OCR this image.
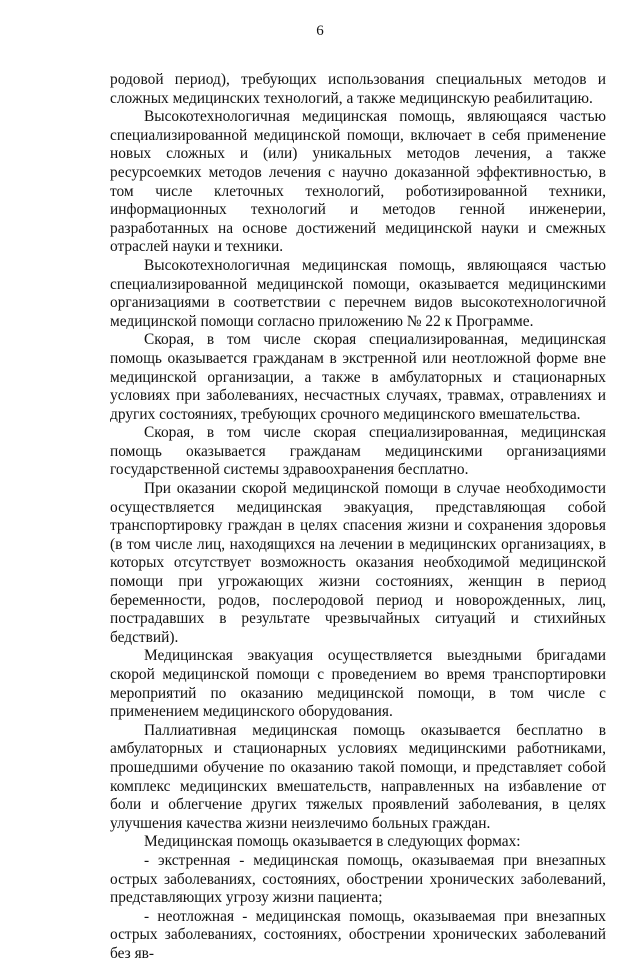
6

родовой период), требующих использования специальных методов и сложных медицинских технологий, а также медицинскую реабилитацию.

Высокотехнологичная медицинская помощь, являющаяся частью специализированной медицинской помощи, включает в себя применение новых сложных и (или) уникальных методов лечения, а также ресурсоемких методов лечения с научно доказанной эффективностью, в том числе клеточных технологий, роботизированной техники, информационных технологий и методов генной инженерии, разработанных на основе достижений медицинской науки и смежных отраслей науки и техники.

Высокотехнологичная медицинская помощь, являющаяся частью специализированной медицинской помощи, оказывается медицинскими организациями в соответствии с перечнем видов высокотехнологичной медицинской помощи согласно приложению № 22 к Программе.

Скорая, в том числе скорая специализированная, медицинская помощь оказывается гражданам в экстренной или неотложной форме вне медицинской организации, а также в амбулаторных и стационарных условиях при заболеваниях, несчастных случаях, травмах, отравлениях и других состояниях, требующих срочного медицинского вмешательства.

Скорая, в том числе скорая специализированная, медицинская помощь оказывается гражданам медицинскими организациями государственной системы здравоохранения бесплатно.

При оказании скорой медицинской помощи в случае необходимости осуществляется медицинская эвакуация, представляющая собой транспортировку граждан в целях спасения жизни и сохранения здоровья (в том числе лиц, находящихся на лечении в медицинских организациях, в которых отсутствует возможность оказания необходимой медицинской помощи при угрожающих жизни состояниях, женщин в период беременности, родов, послеродовой период и новорожденных, лиц, пострадавших в результате чрезвычайных ситуаций и стихийных бедствий).

Медицинская эвакуация осуществляется выездными бригадами скорой медицинской помощи с проведением во время транспортировки мероприятий по оказанию медицинской помощи, в том числе с применением медицинского оборудования.

Паллиативная медицинская помощь оказывается бесплатно в амбулаторных и стационарных условиях медицинскими работниками, прошедшими обучение по оказанию такой помощи, и представляет собой комплекс медицинских вмешательств, направленных на избавление от боли и облегчение других тяжелых проявлений заболевания, в целях улучшения качества жизни неизлечимо больных граждан.

Медицинская помощь оказывается в следующих формах:

- экстренная - медицинская помощь, оказываемая при внезапных острых заболеваниях, состояниях, обострении хронических заболеваний, представляющих угрозу жизни пациента;

- неотложная - медицинская помощь, оказываемая при внезапных острых заболеваниях, состояниях, обострении хронических заболеваний без яв-
